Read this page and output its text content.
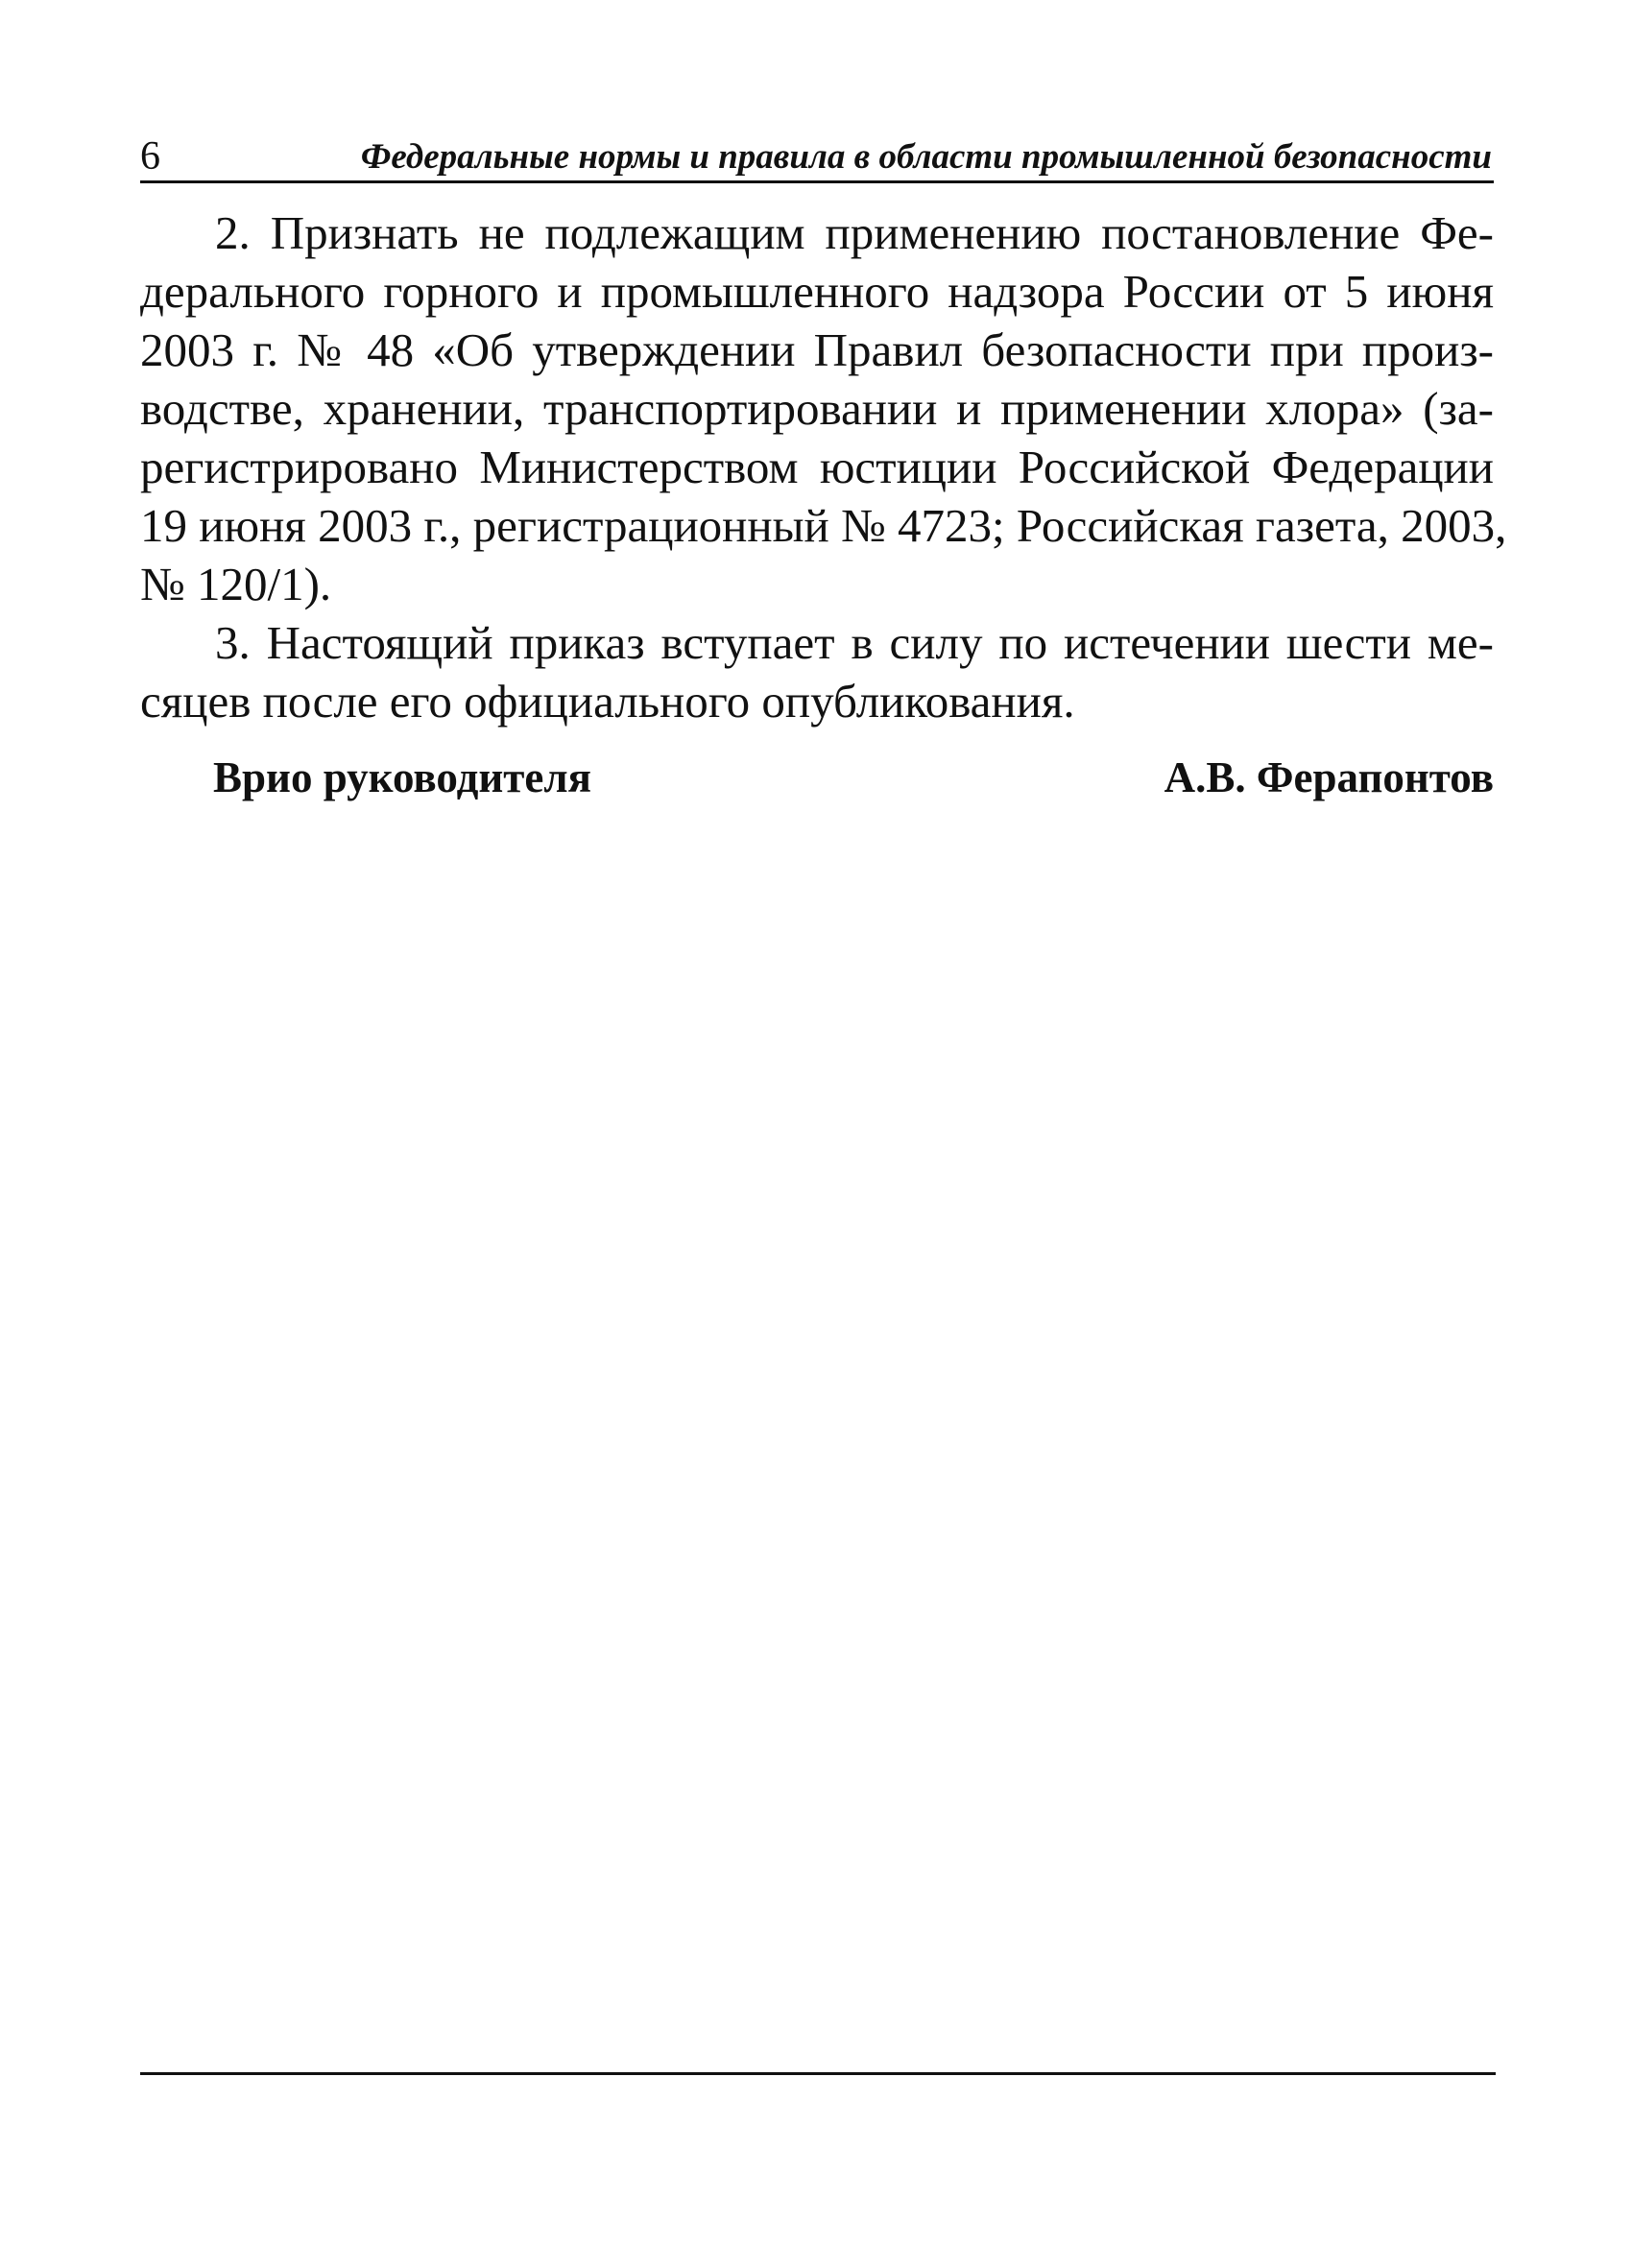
6	Федеральные нормы и правила в области промышленной безопасности
2. Признать не подлежащим применению постановление Фе-
дерального горного и промышленного надзора России от 5 июня
2003 г. № 48 «Об утверждении Правил безопасности при произ-
водстве, хранении, транспортировании и применении хлора» (за-
регистрировано Министерством юстиции Российской Федерации
19 июня 2003 г., регистрационный № 4723; Российская газета, 2003,
№ 120/1).
3. Настоящий приказ вступает в силу по истечении шести ме-
сяцев после его официального опубликования.
Врио руководителя	А.В. Ферапонтов
